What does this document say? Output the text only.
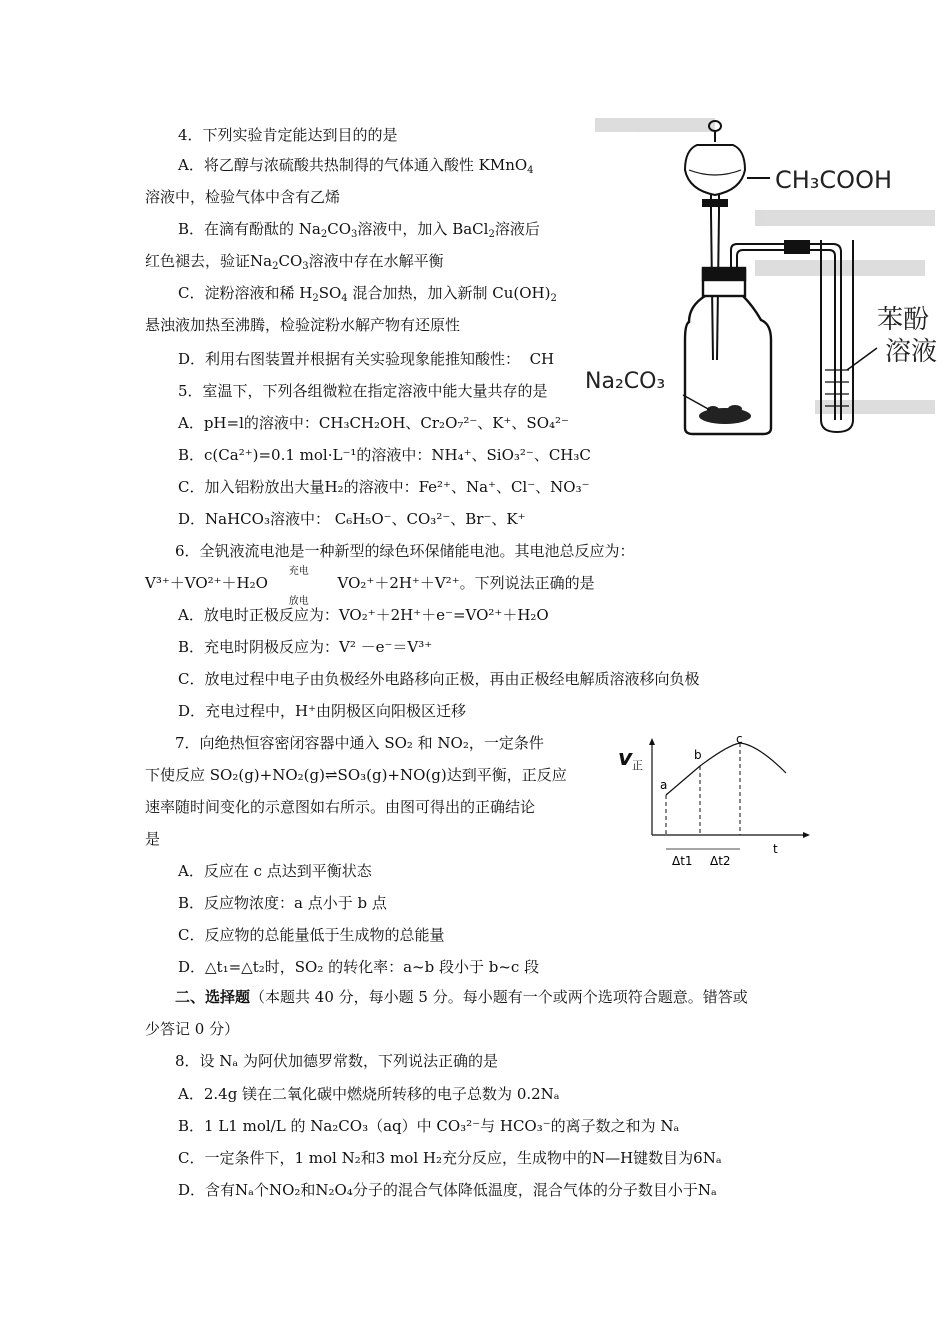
4．下列实验肯定能达到目的的是
A．将乙醇与浓硫酸共热制得的气体通入酸性 KMnO$_4$
溶液中，检验气体中含有乙烯
B．在滴有酚酞的 $Na_2CO_3$溶液中，加入 BaCl$_2$溶液后
红色褪去，验证$Na_2CO_3$溶液中存在水解平衡
C．淀粉溶液和稀 $H_2SO_4$ 混合加热，加入新制 $Cu(OH)_2$
悬浊液加热至沸腾，检验淀粉水解产物有还原性
D．利用右图装置并根据有关实验现象能推知酸性： CH
CH₃COOH
Na₂CO₃
苯酚
溶液
5．室温下，下列各组微粒在指定溶液中能大量共存的是
A．pH=l的溶液中：CH₃CH₂OH、Cr₂O₇²⁻、K⁺、SO₄²⁻
B．c(Ca²⁺)=0.1 mol·L⁻¹的溶液中：NH₄⁺、SiO₃²⁻、CH₃C
C．加入铝粉放出大量H₂的溶液中：Fe²⁺、Na⁺、Cl⁻、NO₃⁻
D．NaHCO₃溶液中： C₆H₅O⁻、CO₃²⁻、Br⁻、K⁺
6．全钒液流电池是一种新型的绿色环保储能电池。其电池总反应为：
V³⁺＋VO²⁺＋H₂O
充电
放电
VO₂⁺＋2H⁺＋V²⁺。下列说法正确的是
A．放电时正极反应为：VO₂⁺＋2H⁺＋e⁻=VO²⁺＋H₂O
B．充电时阴极反应为：V² －e⁻＝V³⁺
C．放电过程中电子由负极经外电路移向正极，再由正极经电解质溶液移向负极
D．充电过程中，H⁺由阴极区向阳极区迁移
7．向绝热恒容密闭容器中通入 SO₂ 和 NO₂，一定条件
下使反应 SO₂(g)+NO₂(g)⇌SO₃(g)+NO(g)达到平衡，正反应
速率随时间变化的示意图如右所示。由图可得出的正确结论
是
v 正
a
b
c
t
Δt1 Δt2
A．反应在 c 点达到平衡状态
B．反应物浓度：a 点小于 b 点
C．反应物的总能量低于生成物的总能量
D．△t₁=△t₂时，SO₂ 的转化率：a~b 段小于 b~c 段
二、选择题（本题共 40 分，每小题 5 分。每小题有一个或两个选项符合题意。错答或
少答记 0 分）
8．设 Nₐ 为阿伏加德罗常数，下列说法正确的是
A．2.4g 镁在二氧化碳中燃烧所转移的电子总数为 0.2Nₐ
B．1 L1 mol/L 的 Na₂CO₃（aq）中 CO₃²⁻与 HCO₃⁻的离子数之和为 Nₐ
C．一定条件下，1 mol N₂和3 mol H₂充分反应，生成物中的N—H键数目为6Nₐ
D．含有Nₐ个NO₂和N₂O₄分子的混合气体降低温度，混合气体的分子数目小于Nₐ
